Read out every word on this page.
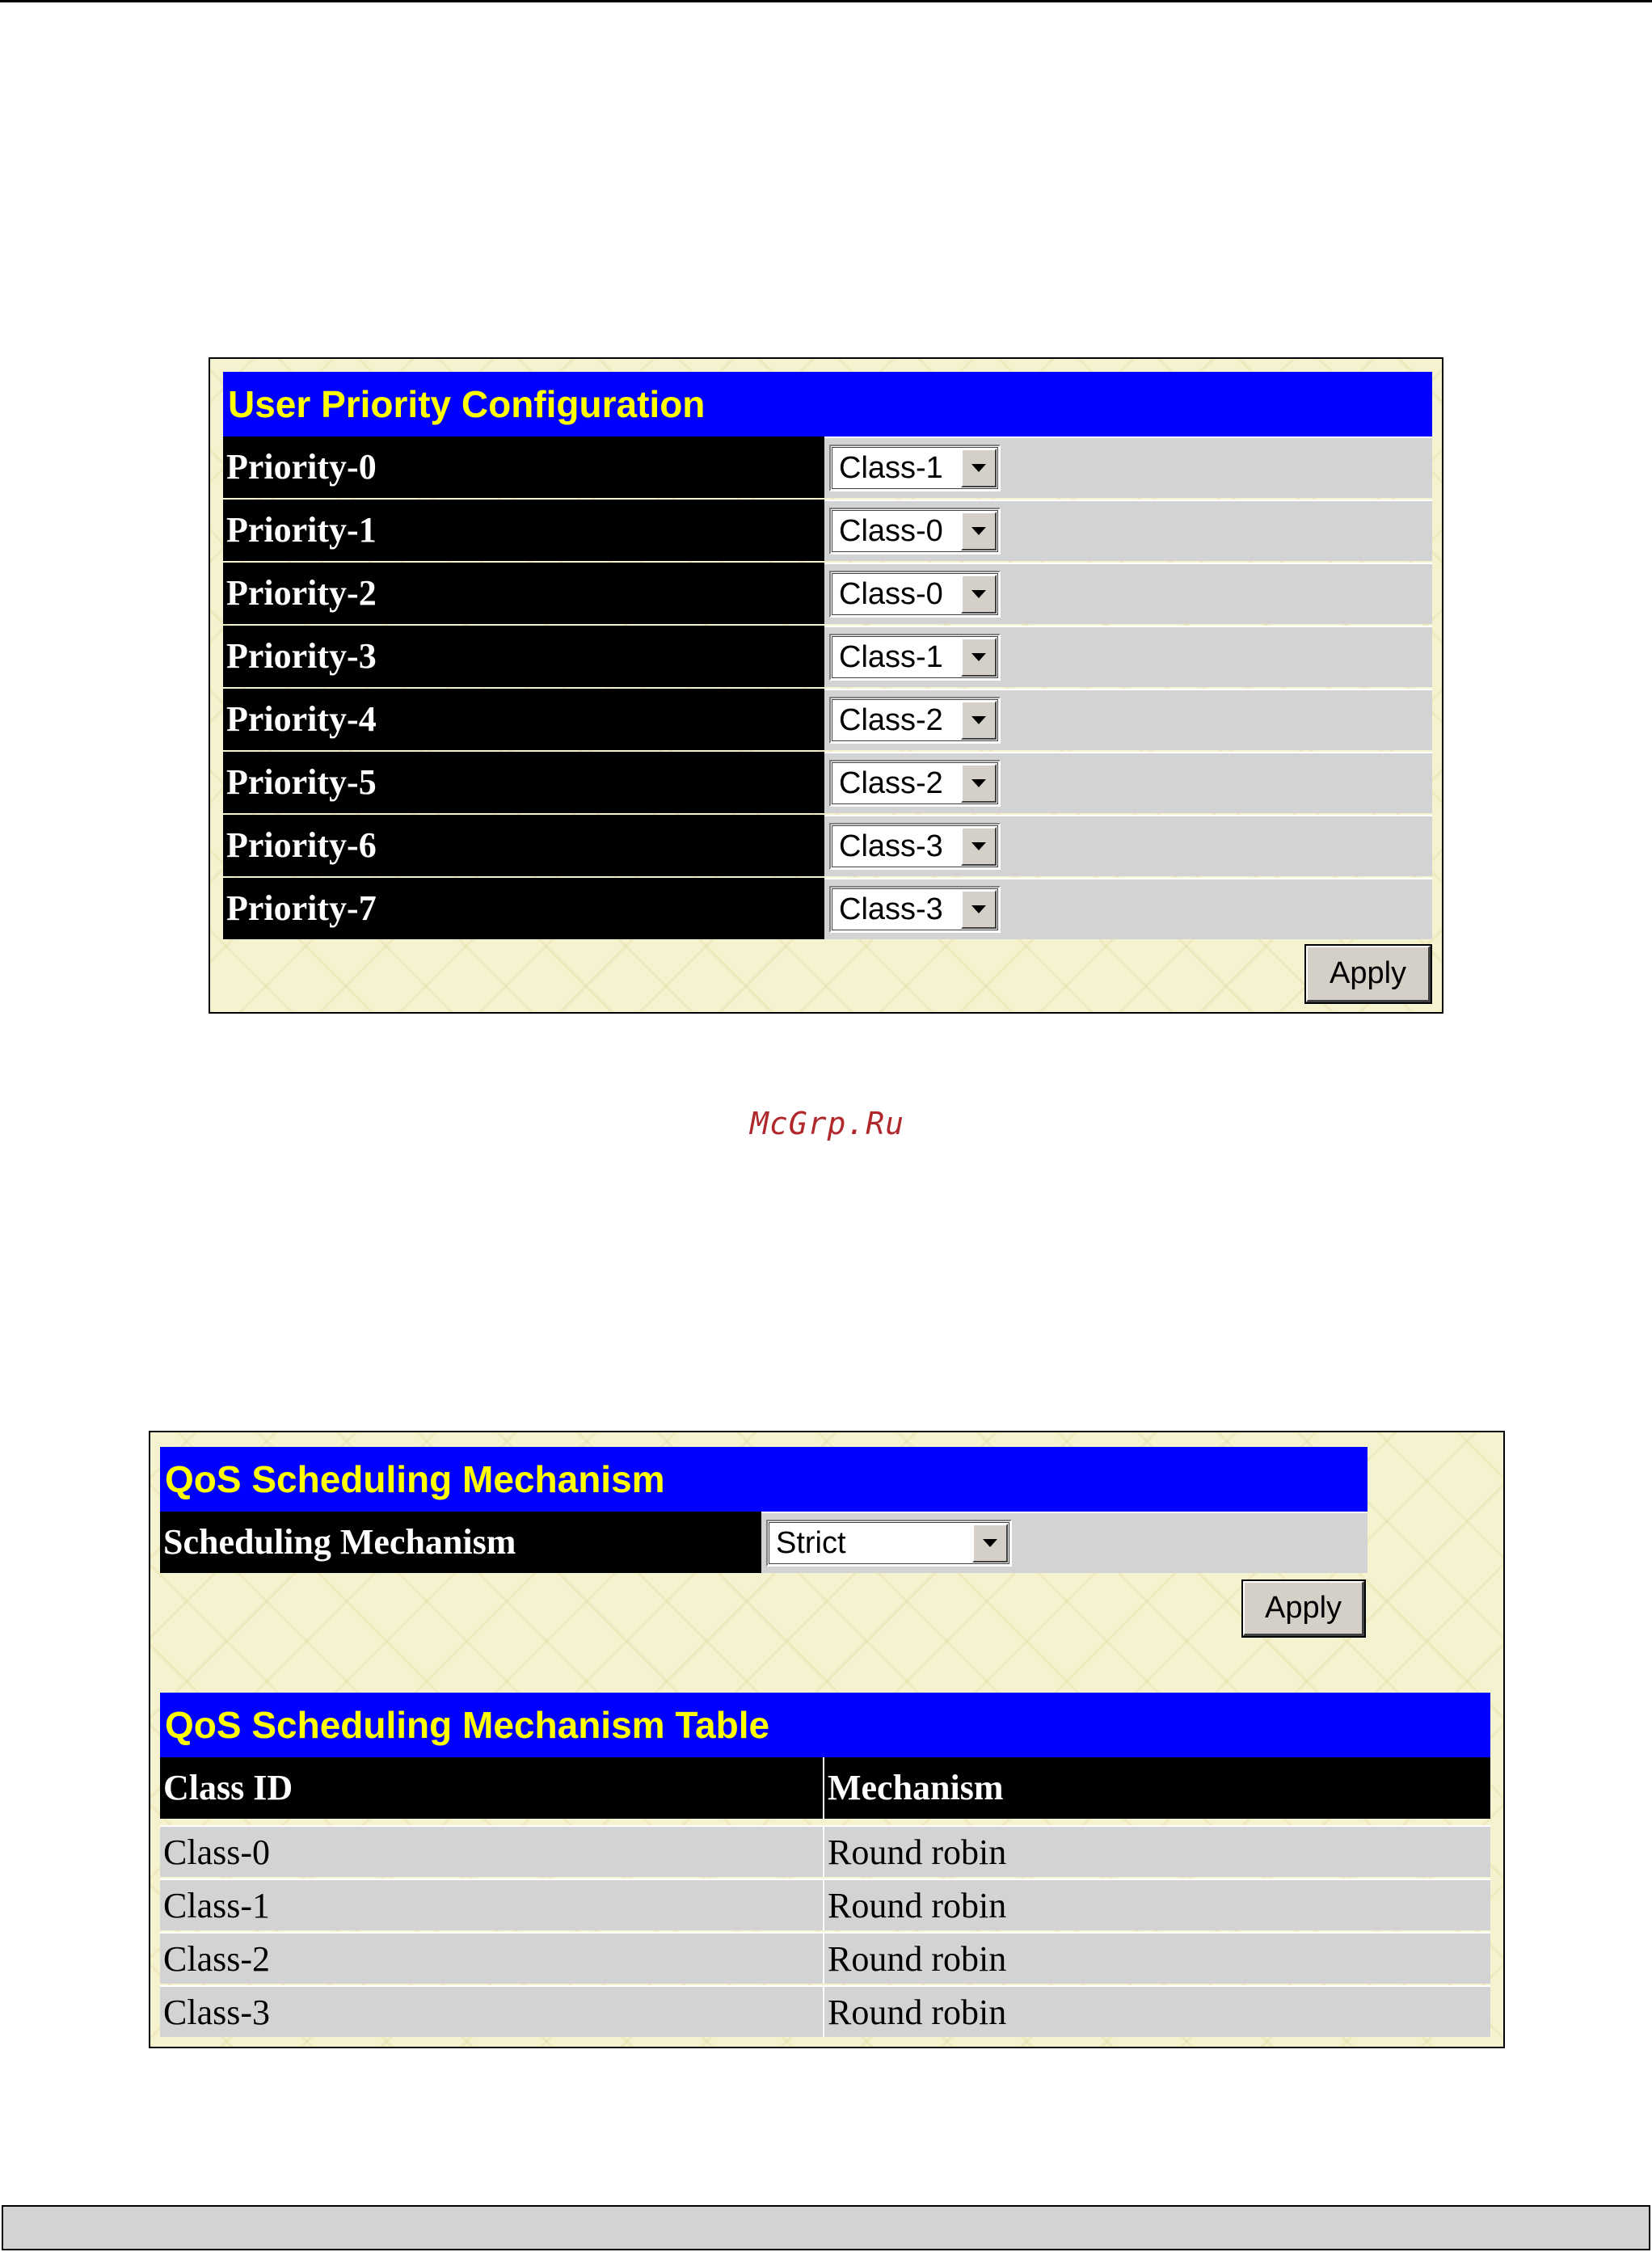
User Priority Configuration
Priority-0	Class-1
Priority-1	Class-0
Priority-2	Class-0
Priority-3	Class-1
Priority-4	Class-2
Priority-5	Class-2
Priority-6	Class-3
Priority-7	Class-3
Apply
McGrp.Ru
QoS Scheduling Mechanism
Scheduling Mechanism	Strict
Apply
QoS Scheduling Mechanism Table
Class ID	Mechanism
Class-0	Round robin
Class-1	Round robin
Class-2	Round robin
Class-3	Round robin
